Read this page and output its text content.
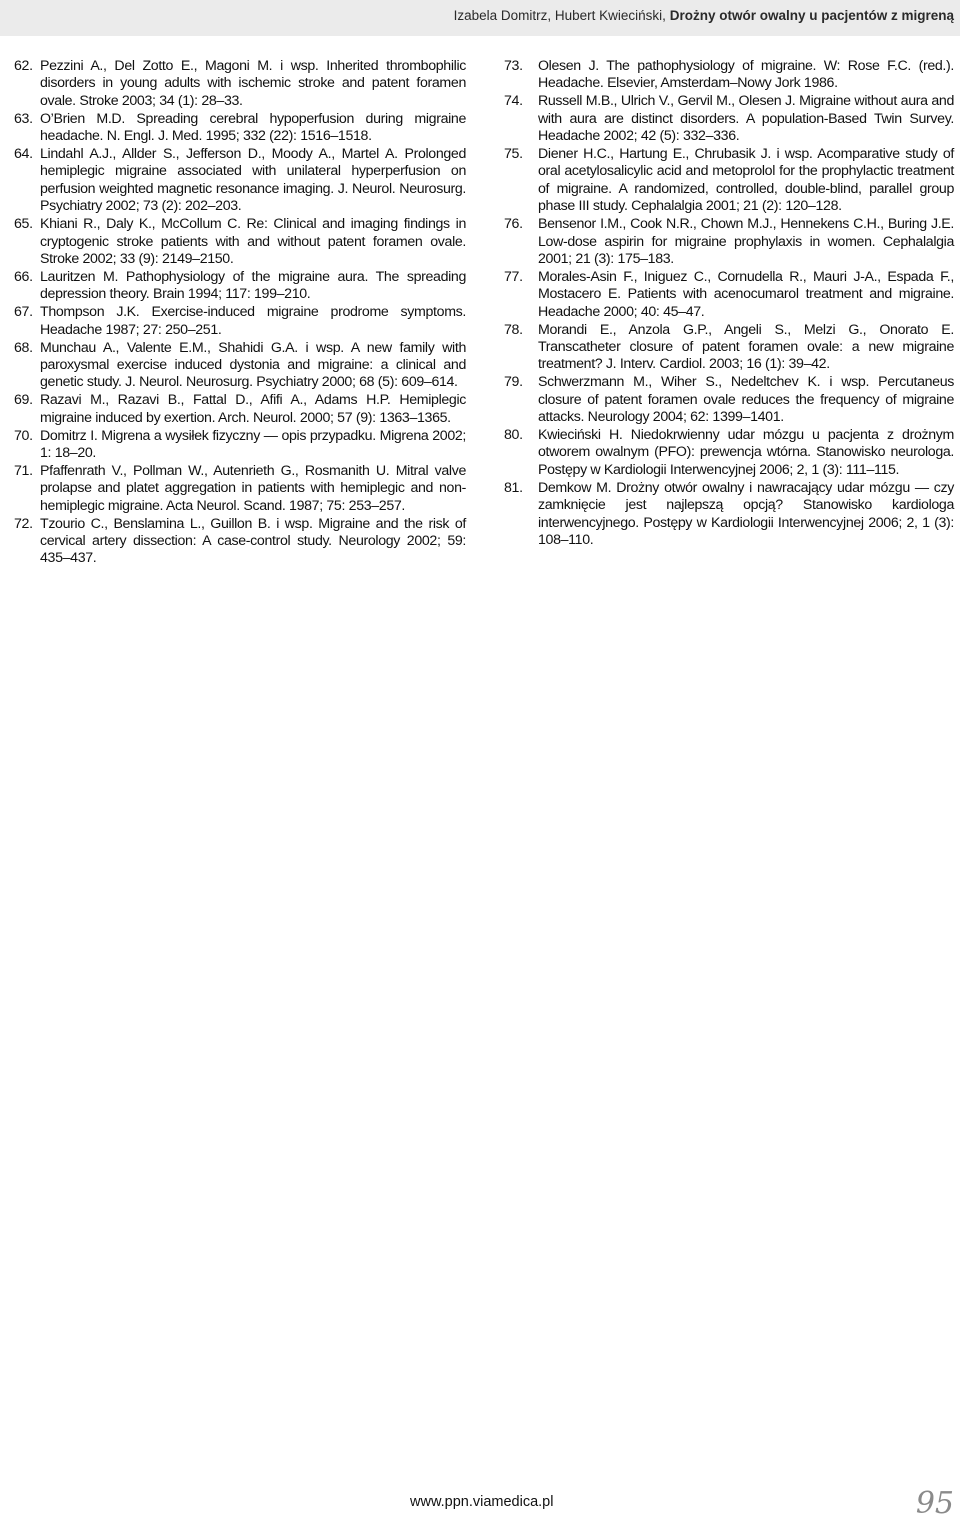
Izabela Domitrz, Hubert Kwieciński, Drożny otwór owalny u pacjentów z migreną
62. Pezzini A., Del Zotto E., Magoni M. i wsp. Inherited thrombophilic disorders in young adults with ischemic stroke and patent foramen ovale. Stroke 2003; 34 (1): 28–33.
63. O’Brien M.D. Spreading cerebral hypoperfusion during migraine headache. N. Engl. J. Med. 1995; 332 (22): 1516–1518.
64. Lindahl A.J., Allder S., Jefferson D., Moody A., Martel A. Prolonged hemiplegic migraine associated with unilateral hyperperfusion on perfusion weighted magnetic resonance imaging. J. Neurol. Neurosurg. Psychiatry 2002; 73 (2): 202–203.
65. Khiani R., Daly K., McCollum C. Re: Clinical and imaging findings in cryptogenic stroke patients with and without patent foramen ovale. Stroke 2002; 33 (9): 2149–2150.
66. Lauritzen M. Pathophysiology of the migraine aura. The spreading depression theory. Brain 1994; 117: 199–210.
67. Thompson J.K. Exercise-induced migraine prodrome symptoms. Headache 1987; 27: 250–251.
68. Munchau A., Valente E.M., Shahidi G.A. i wsp. A new family with paroxysmal exercise induced dystonia and migraine: a clinical and genetic study. J. Neurol. Neurosurg. Psychiatry 2000; 68 (5): 609–614.
69. Razavi M., Razavi B., Fattal D., Afifi A., Adams H.P. Hemiplegic migraine induced by exertion. Arch. Neurol. 2000; 57 (9): 1363–1365.
70. Domitrz I. Migrena a wysiłek fizyczny — opis przypadku. Migrena 2002; 1: 18–20.
71. Pfaffenrath V., Pollman W., Autenrieth G., Rosmanith U. Mitral valve prolapse and platet aggregation in patients with hemiplegic and non-hemiplegic migraine. Acta Neurol. Scand. 1987; 75: 253–257.
72. Tzourio C., Benslamina L., Guillon B. i wsp. Migraine and the risk of cervical artery dissection: A case-control study. Neurology 2002; 59: 435–437.
73.	Olesen J. The pathophysiology of migraine. W: Rose F.C. (red.). Headache. Elsevier, Amsterdam–Nowy Jork 1986.
74.	Russell M.B., Ulrich V., Gervil M., Olesen J. Migraine without aura and with aura are distinct disorders. A population-Based Twin Survey. Headache 2002; 42 (5): 332–336.
75.	Diener H.C., Hartung E., Chrubasik J. i wsp. Acomparative study of oral acetylosalicylic acid and metoprolol for the prophylactic treatment of migraine. A randomized, controlled, double-blind, parallel group phase III study. Cephalalgia 2001; 21 (2): 120–128.
76.	Bensenor I.M., Cook N.R., Chown M.J., Hennekens C.H., Buring J.E. Low-dose aspirin for migraine prophylaxis in women. Cephalalgia 2001; 21 (3): 175–183.
77.	Morales-Asin F., Iniguez C., Cornudella R., Mauri J-A., Espada F., Mostacero E. Patients with acenocumarol treatment and migraine. Headache 2000; 40: 45–47.
78.	Morandi E., Anzola G.P., Angeli S., Melzi G., Onorato E. Transcatheter closure of patent foramen ovale: a new migraine treatment? J. Interv. Cardiol. 2003; 16 (1): 39–42.
79.	Schwerzmann M., Wiher S., Nedeltchev K. i wsp. Percutaneus closure of patent foramen ovale reduces the frequency of migraine attacks. Neurology 2004; 62: 1399–1401.
80.	Kwieciński H. Niedokrwienny udar mózgu u pacjenta z drożnym otworem owalnym (PFO): prewencja wtórna. Stanowisko neurologa. Postępy w Kardiologii Interwencyjnej 2006; 2, 1 (3): 111–115.
81.	Demkow M. Drożny otwór owalny i nawracający udar mózgu — czy zamknięcie jest najlepszą opcją? Stanowisko kardiologa interwencyjnego. Postępy w Kardiologii Interwencyjnej 2006; 2, 1 (3): 108–110.
www.ppn.viamedica.pl	95
